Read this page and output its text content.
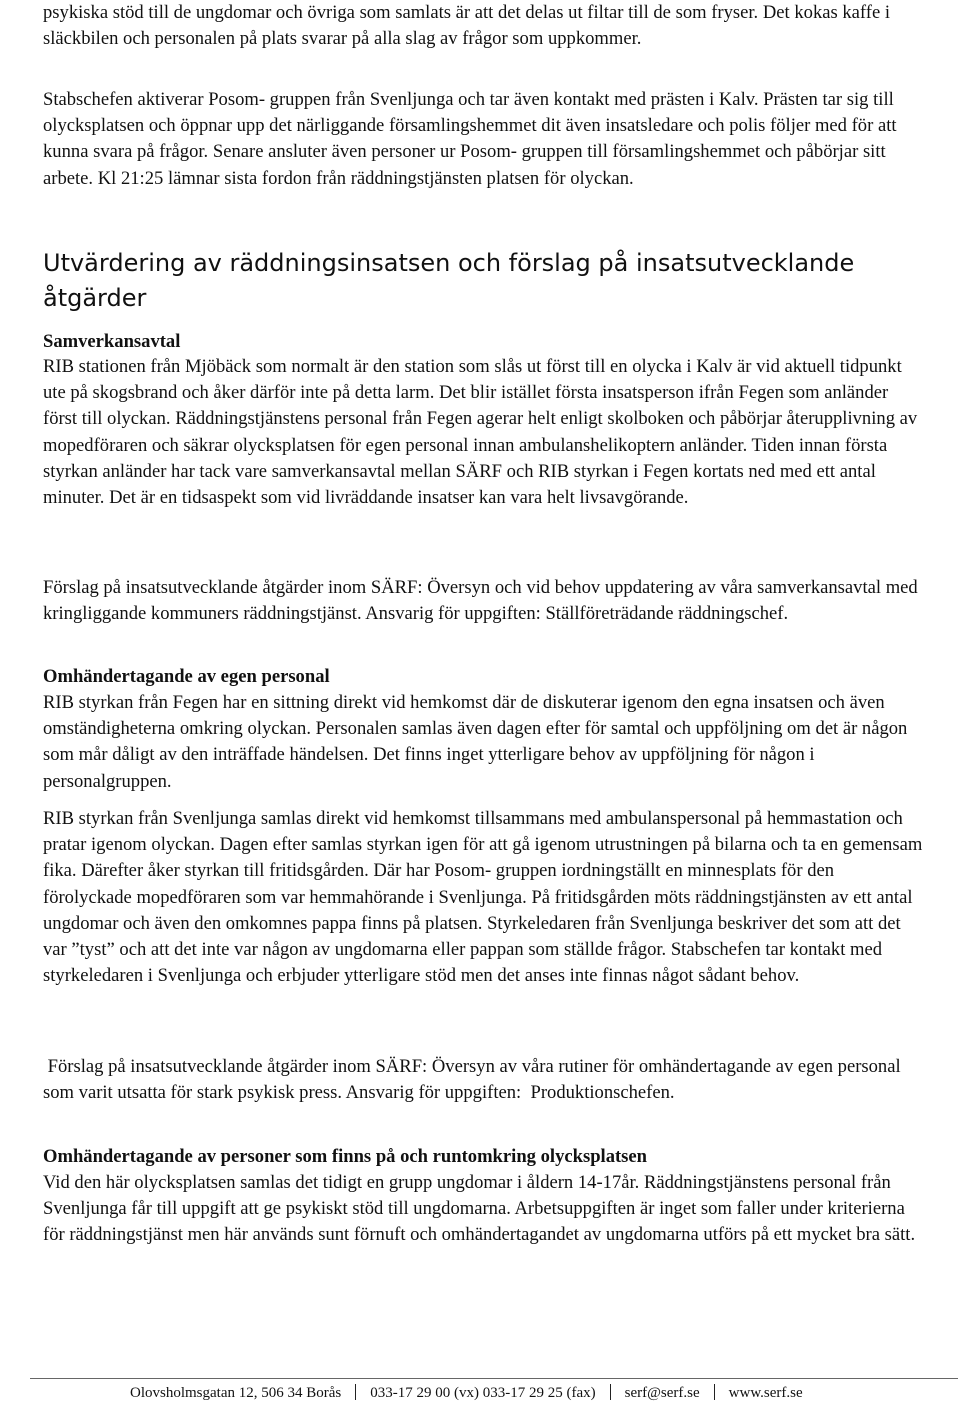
psykiska stöd till de ungdomar och övriga som samlats är att det delas ut filtar till de som fryser. Det kokas kaffe i släckbilen och personalen på plats svarar på alla slag av frågor som uppkommer.

Stabschefen aktiverar Posom- gruppen från Svenljunga och tar även kontakt med prästen i Kalv. Prästen tar sig till olycksplatsen och öppnar upp det närliggande församlingshemmet dit även insatsledare och polis följer med för att kunna svara på frågor. Senare ansluter även personer ur Posom- gruppen till församlingshemmet och påbörjar sitt arbete. Kl 21:25 lämnar sista fordon från räddningstjänsten platsen för olyckan.

Utvärdering av räddningsinsatsen och förslag på insatsutvecklande åtgärder
Samverkansavtal

RIB stationen från Mjöbäck som normalt är den station som slås ut först till en olycka i Kalv är vid aktuell tidpunkt ute på skogsbrand och åker därför inte på detta larm. Det blir istället första insatsperson ifrån Fegen som anländer först till olyckan. Räddningstjänstens personal från Fegen agerar helt enligt skolboken och påbörjar återupplivning av mopedföraren och säkrar olycksplatsen för egen personal innan ambulanshelikoptern anländer. Tiden innan första styrkan anländer har tack vare samverkansavtal mellan SÄRF och RIB styrkan i Fegen kortats ned med ett antal minuter. Det är en tidsaspekt som vid livräddande insatser kan vara helt livsavgörande.

Förslag på insatsutvecklande åtgärder inom SÄRF: Översyn och vid behov uppdatering av våra samverkansavtal med kringliggande kommuners räddningstjänst. Ansvarig för uppgiften: Ställföreträdande räddningschef.

Omhändertagande av egen personal

RIB styrkan från Fegen har en sittning direkt vid hemkomst där de diskuterar igenom den egna insatsen och även omständigheterna omkring olyckan. Personalen samlas även dagen efter för samtal och uppföljning om det är någon som mår dåligt av den inträffade händelsen. Det finns inget ytterligare behov av uppföljning för någon i personalgruppen.

RIB styrkan från Svenljunga samlas direkt vid hemkomst tillsammans med ambulanspersonal på hemmastation och pratar igenom olyckan. Dagen efter samlas styrkan igen för att gå igenom utrustningen på bilarna och ta en gemensam fika. Därefter åker styrkan till fritidsgården. Där har Posom- gruppen iordningställt en minnesplats för den förolyckade mopedföraren som var hemmahörande i Svenljunga. På fritidsgården möts räddningstjänsten av ett antal ungdomar och även den omkomnes pappa finns på platsen. Styrkeledaren från Svenljunga beskriver det som att det var ”tyst” och att det inte var någon av ungdomarna eller pappan som ställde frågor. Stabschefen tar kontakt med styrkeledaren i Svenljunga och erbjuder ytterligare stöd men det anses inte finnas något sådant behov.

Förslag på insatsutvecklande åtgärder inom SÄRF: Översyn av våra rutiner för omhändertagande av egen personal som varit utsatta för stark psykisk press. Ansvarig för uppgiften:  Produktionschefen.

Omhändertagande av personer som finns på och runtomkring olycksplatsen

Vid den här olycksplatsen samlas det tidigt en grupp ungdomar i åldern 14-17år. Räddningstjänstens personal från Svenljunga får till uppgift att ge psykiskt stöd till ungdomarna. Arbetsuppgiften är inget som faller under kriterierna för räddningstjänst men här används sunt förnuft och omhändertagandet av ungdomarna utförs på ett mycket bra sätt.

Olovsholmsgatan 12, 506 34 Borås 033-17 29 00 (vx) 033-17 29 25 (fax) serf@serf.se www.serf.se
